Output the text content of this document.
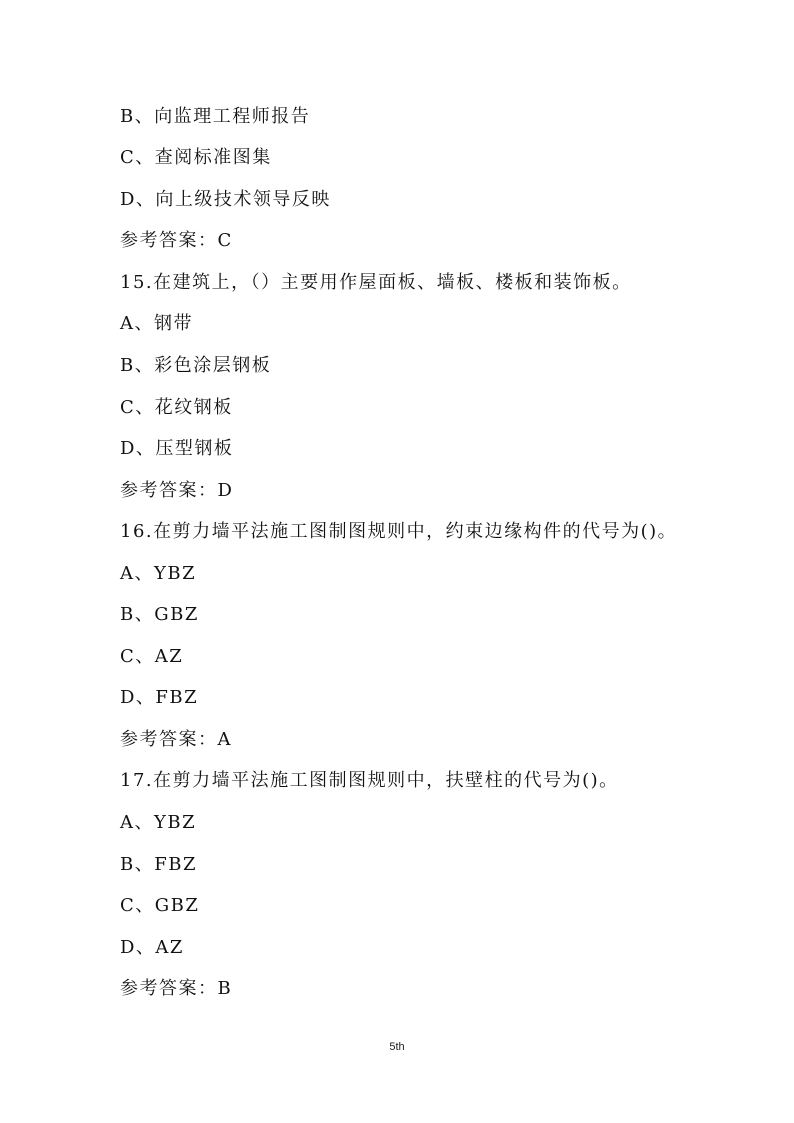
B、向监理工程师报告
C、查阅标准图集
D、向上级技术领导反映
参考答案：C
15.在建筑上，（）主要用作屋面板、墙板、楼板和装饰板。
A、钢带
B、彩色涂层钢板
C、花纹钢板
D、压型钢板
参考答案：D
16.在剪力墙平法施工图制图规则中，约束边缘构件的代号为()。
A、YBZ
B、GBZ
C、AZ
D、FBZ
参考答案：A
17.在剪力墙平法施工图制图规则中，扶壁柱的代号为()。
A、YBZ
B、FBZ
C、GBZ
D、AZ
参考答案：B
5th
